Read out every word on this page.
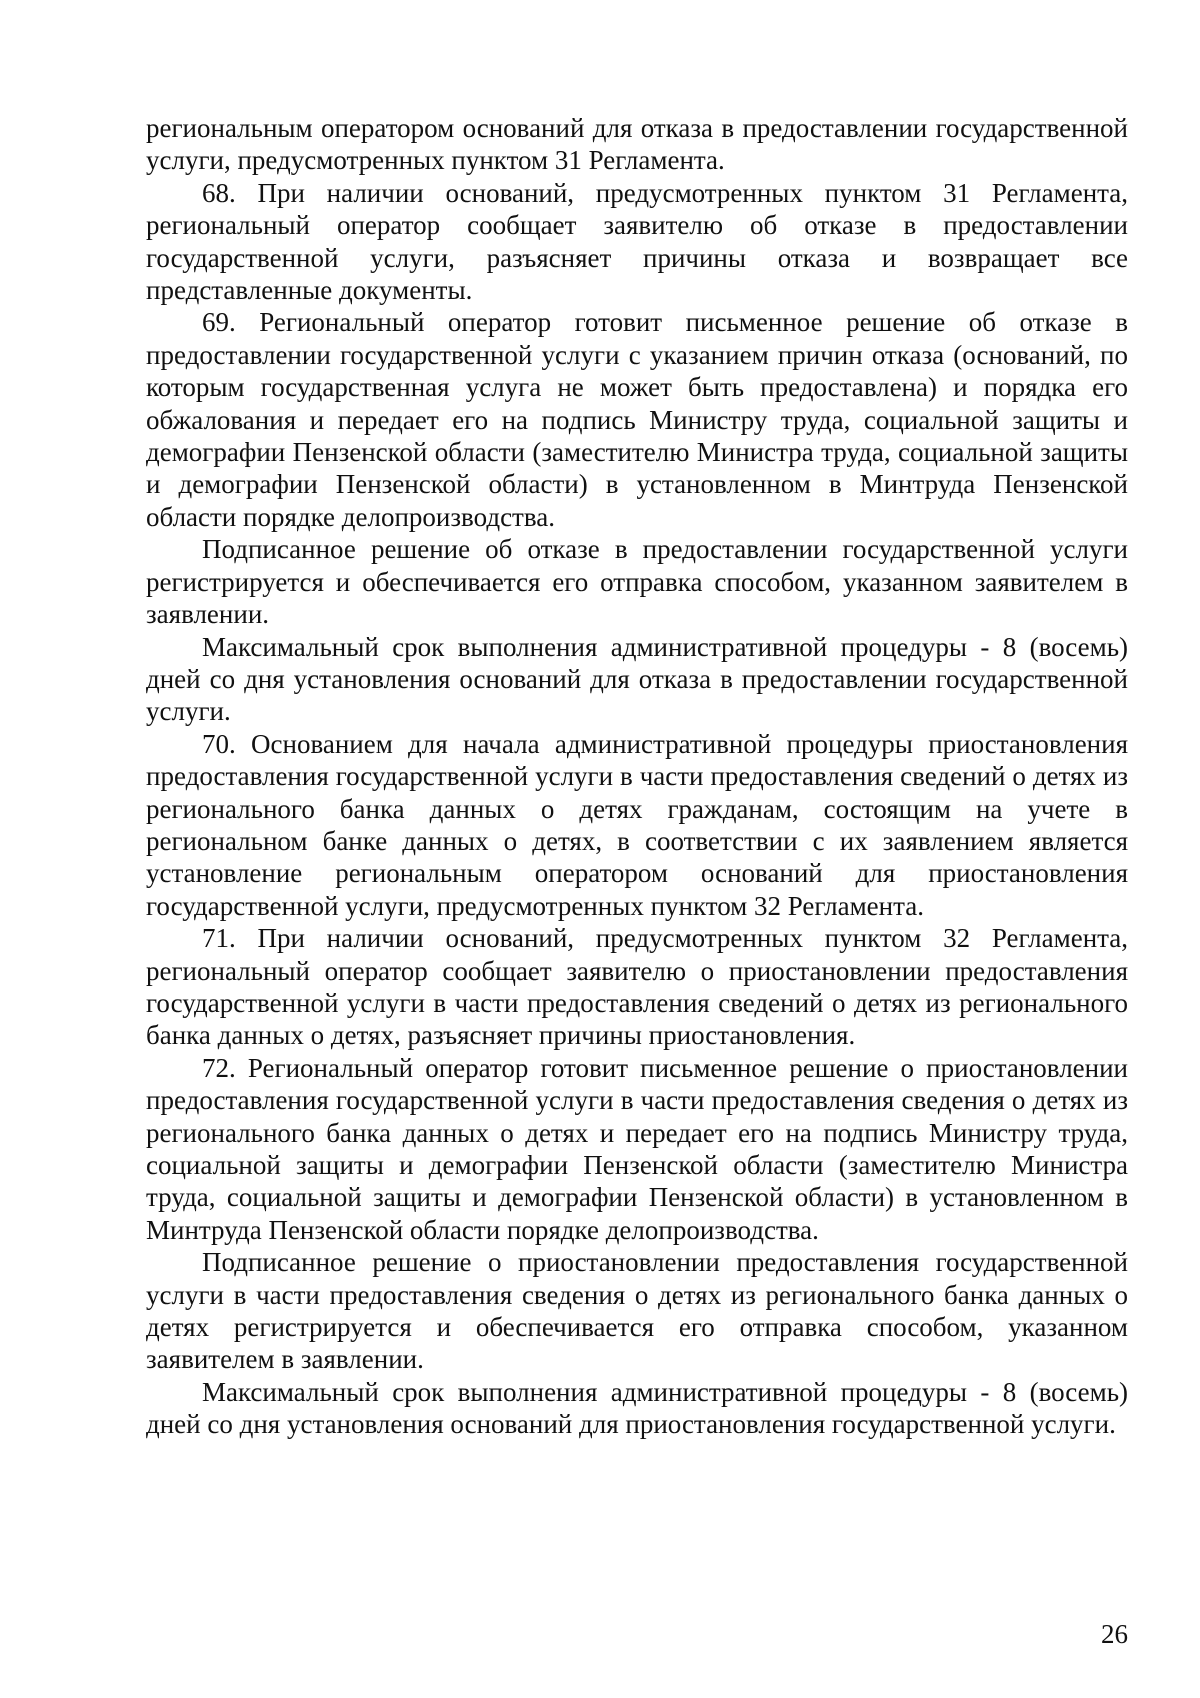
региональным оператором оснований для отказа в предоставлении государственной услуги, предусмотренных пунктом 31 Регламента.

68. При наличии оснований, предусмотренных пунктом 31 Регламента, региональный оператор сообщает заявителю об отказе в предоставлении государственной услуги, разъясняет причины отказа и возвращает все представленные документы.

69. Региональный оператор готовит письменное решение об отказе в предоставлении государственной услуги с указанием причин отказа (оснований, по которым государственная услуга не может быть предоставлена) и порядка его обжалования и передает его на подпись Министру труда, социальной защиты и демографии Пензенской области (заместителю Министра труда, социальной защиты и демографии Пензенской области) в установленном в Минтруда Пензенской области порядке делопроизводства.

Подписанное решение об отказе в предоставлении государственной услуги регистрируется и обеспечивается его отправка способом, указанном заявителем в заявлении.

Максимальный срок выполнения административной процедуры - 8 (восемь) дней со дня установления оснований для отказа в предоставлении государственной услуги.

70. Основанием для начала административной процедуры приостановления предоставления государственной услуги в части предоставления сведений о детях из регионального банка данных о детях гражданам, состоящим на учете в региональном банке данных о детях, в соответствии с их заявлением является установление региональным оператором оснований для приостановления государственной услуги, предусмотренных пунктом 32 Регламента.

71. При наличии оснований, предусмотренных пунктом 32 Регламента, региональный оператор сообщает заявителю о приостановлении предоставления государственной услуги в части предоставления сведений о детях из регионального банка данных о детях, разъясняет причины приостановления.

72. Региональный оператор готовит письменное решение о приостановлении предоставления государственной услуги в части предоставления сведения о детях из регионального банка данных о детях и передает его на подпись Министру труда, социальной защиты и демографии Пензенской области (заместителю Министра труда, социальной защиты и демографии Пензенской области) в установленном в Минтруда Пензенской области порядке делопроизводства.

Подписанное решение о приостановлении предоставления государственной услуги в части предоставления сведения о детях из регионального банка данных о детях регистрируется и обеспечивается его отправка способом, указанном заявителем в заявлении.

Максимальный срок выполнения административной процедуры - 8 (восемь) дней со дня установления оснований для приостановления государственной услуги.

26
